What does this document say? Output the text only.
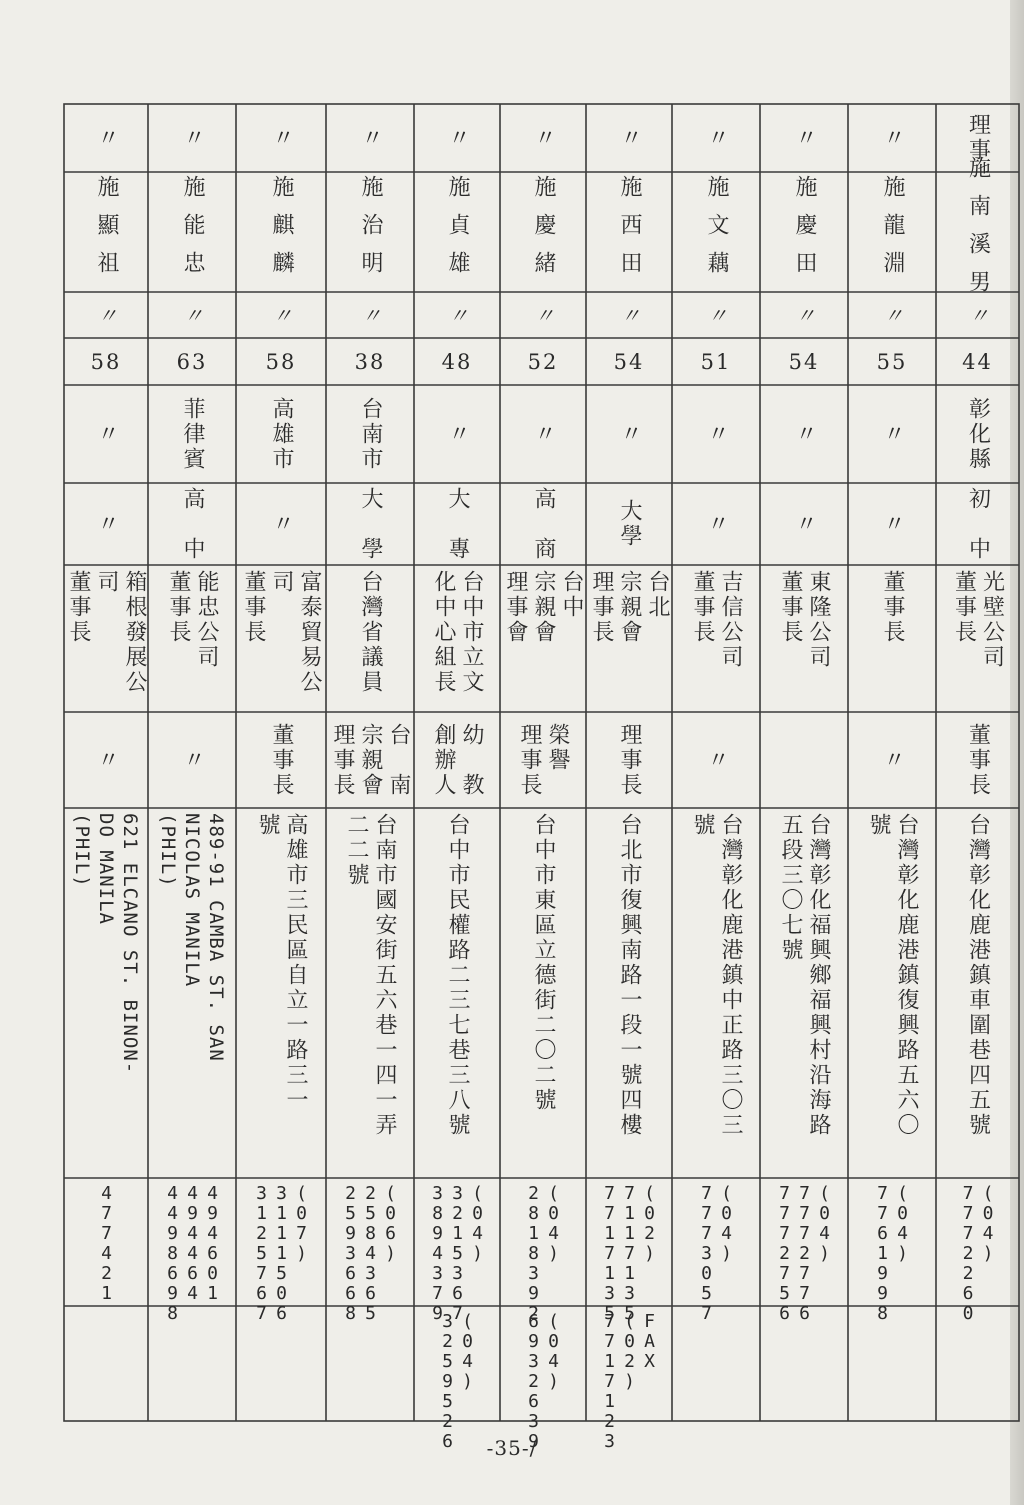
理事
施南溪男
〃
44
彰化縣
初　中
光壁公司
董事長
董事長
台灣彰化鹿港鎮車圍巷四五號
(04)
7772260
〃
施龍淵
〃
55
〃
〃
董事長
〃
台灣彰化鹿港鎮復興路五六〇
號
(04)
7761998
〃
施慶田
〃
54
〃
〃
東隆公司
董事長
台灣彰化福興鄉福興村沿海路
五段三〇七號
(04)
7772776
7772756
〃
施文藕
〃
51
〃
〃
吉信公司
董事長
〃
台灣彰化鹿港鎮中正路三〇三
號
(04)
7773057
〃
施西田
〃
54
〃
大學
台北
宗親會
理事長
理事長
台北市復興南路一段一號四樓
(02)
7117135
7717135
FAX
(02)
7717123
〃
施慶緒
〃
52
〃
高　商
台中
宗親會
理事會
榮譽
理事長
台中市東區立德街二〇二號
(04)
2818392
(04)
6932639
〃
施貞雄
〃
48
〃
大　專
台中市立文
化中心組長
幼　教
創辦人
台中市民權路二三七巷三八號
(04)
3215367
3894379
(04)
3259526
〃
施治明
〃
38
台南市
大　學
台灣省議員
台　南
宗親會
理事長
台南市國安街五六巷一四一弄
二二號
(06)
2584365
2593668
〃
施麒麟
〃
58
高雄市
〃
富泰貿易公
司
董事長
董事長
高雄市三民區自立一路三一
號
(07)
3111506
3125767
〃
施能忠
〃
63
菲律賓
高　中
能忠公司
董事長
〃
489-91 CAMBA ST. SAN
NICOLAS MANILA
(PHIL)
494601
494464
4498698
〃
施顯祖
〃
58
〃
〃
箱根發展公
司
董事長
〃
621 ELCANO ST. BINON-
DO MANILA
(PHIL)
477421
-35-/
